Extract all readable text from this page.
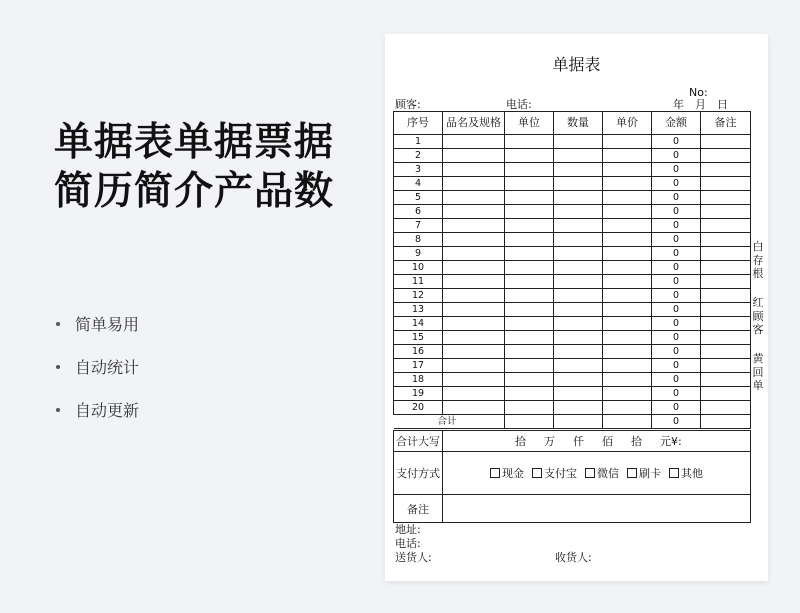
单据表单据票据
简历简介产品数
简单易用
自动统计
自动更新
单据表
No:
顾客:	电话:	年 月 日
序号	品名及规格	单位	数量	单价	金额	备注
1					0	
2					0	
3					0	
4					0	
5					0	
6					0	
7					0	
8					0	
9					0	
10					0	
11					0	
12					0	
13					0	
14					0	
15					0	
16					0	
17					0	
18					0	
19					0	
20					0	
合计					0	
合计大写	拾 万 仟 佰 拾 元¥:
支付方式	现金 支付宝 微信 刷卡 其他
备注	
地址:
电话:
送货人:	收货人:
白
存
根
红
顾
客
黄
回
单
